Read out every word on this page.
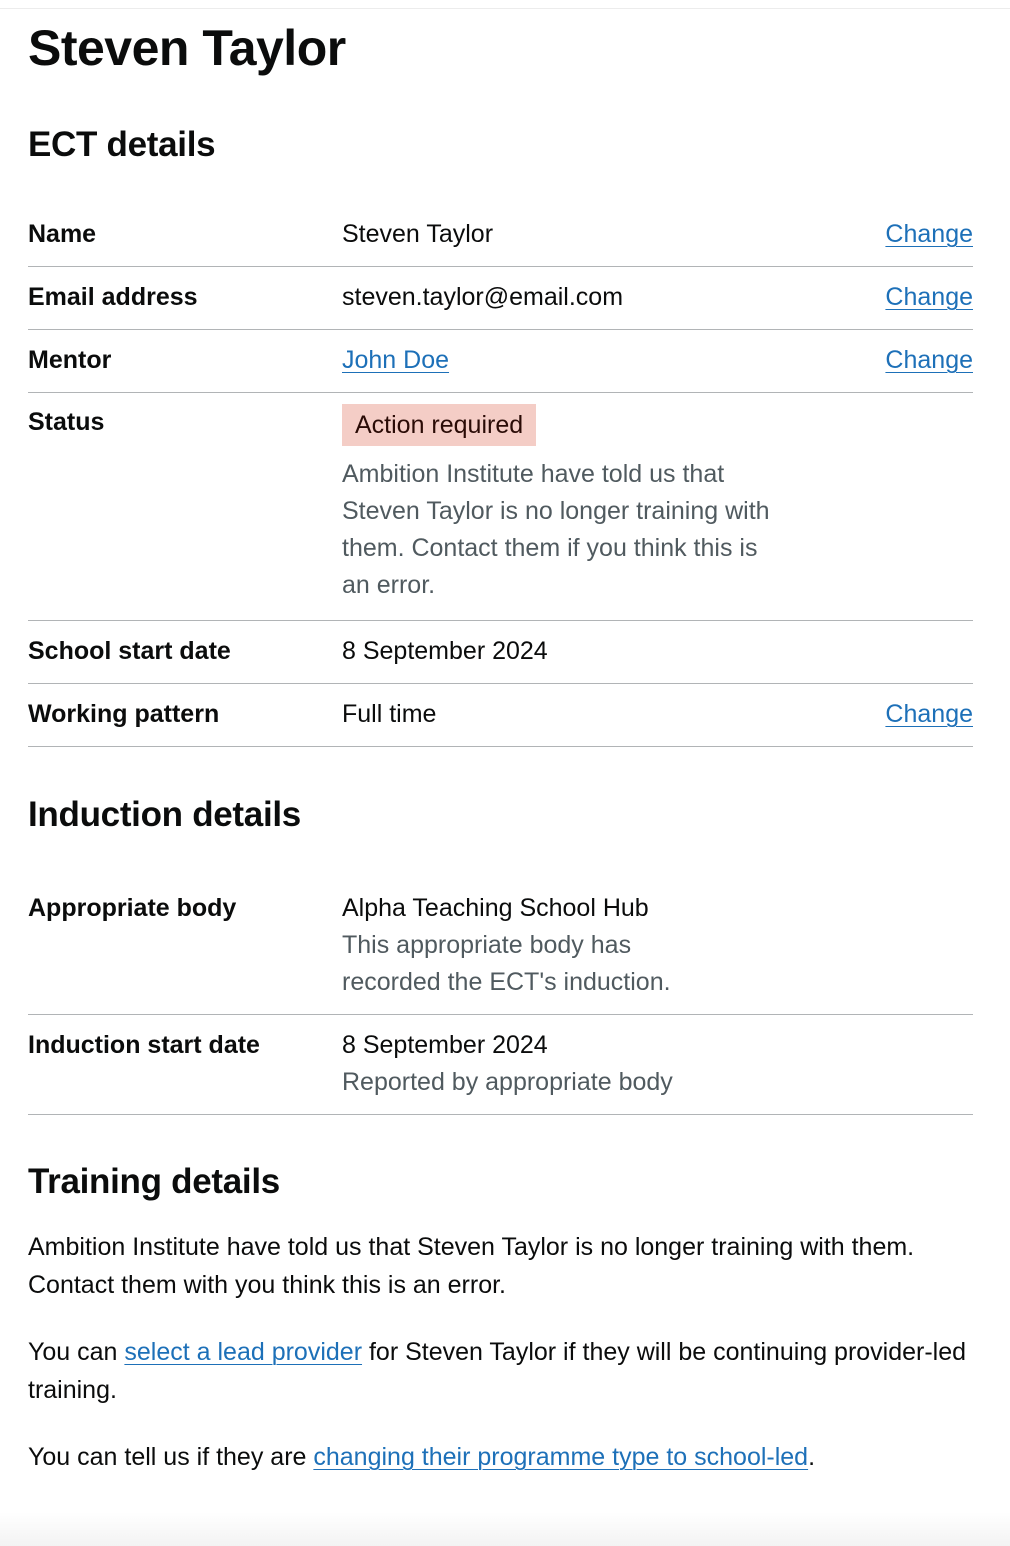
Steven Taylor
ECT details
Name	Steven Taylor	Change
Email address	steven.taylor@email.com	Change
Mentor	John Doe	Change
Status	Action required
Ambition Institute have told us that Steven Taylor is no longer training with them. Contact them if you think this is an error.
School start date	8 September 2024
Working pattern	Full time	Change
Induction details
Appropriate body	Alpha Teaching School Hub
This appropriate body has recorded the ECT's induction.
Induction start date	8 September 2024
Reported by appropriate body
Training details

Ambition Institute have told us that Steven Taylor is no longer training with them. Contact them with you think this is an error.

You can select a lead provider for Steven Taylor if they will be continuing provider-led training.

You can tell us if they are changing their programme type to school-led.
